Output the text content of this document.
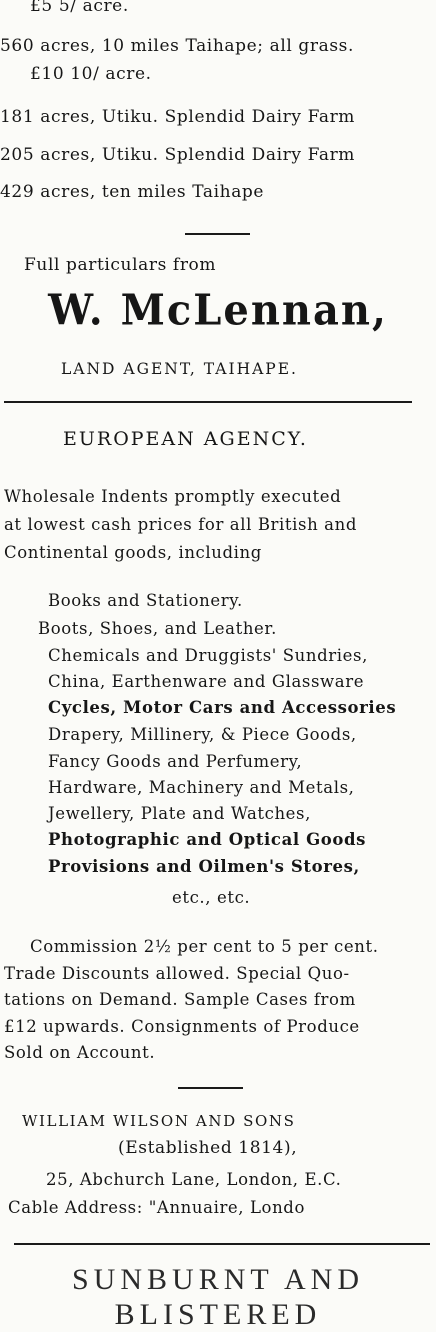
£5 5/ acre.
560 acres, 10 miles Taihape; all grass.
£10 10/ acre.
181 acres, Utiku. Splendid Dairy Farm
205 acres, Utiku. Splendid Dairy Farm
429 acres, ten miles Taihape
Full particulars from
W. McLennan,
LAND AGENT, TAIHAPE.
EUROPEAN AGENCY.
Wholesale Indents promptly executed
at lowest cash prices for all British and
Continental goods, including
Books and Stationery.
Boots, Shoes, and Leather.
Chemicals and Druggists' Sundries,
China, Earthenware and Glassware
Cycles, Motor Cars and Accessories
Drapery, Millinery, & Piece Goods,
Fancy Goods and Perfumery,
Hardware, Machinery and Metals,
Jewellery, Plate and Watches,
Photographic and Optical Goods
Provisions and Oilmen's Stores,
etc., etc.
Commission 2½ per cent to 5 per cent.
Trade Discounts allowed. Special Quo-
tations on Demand. Sample Cases from
£12 upwards. Consignments of Produce
Sold on Account.
WILLIAM WILSON AND SONS
(Established 1814),
25, Abchurch Lane, London, E.C.
Cable Address: "Annuaire, Londo
SUNBURNT AND
BLISTERED
